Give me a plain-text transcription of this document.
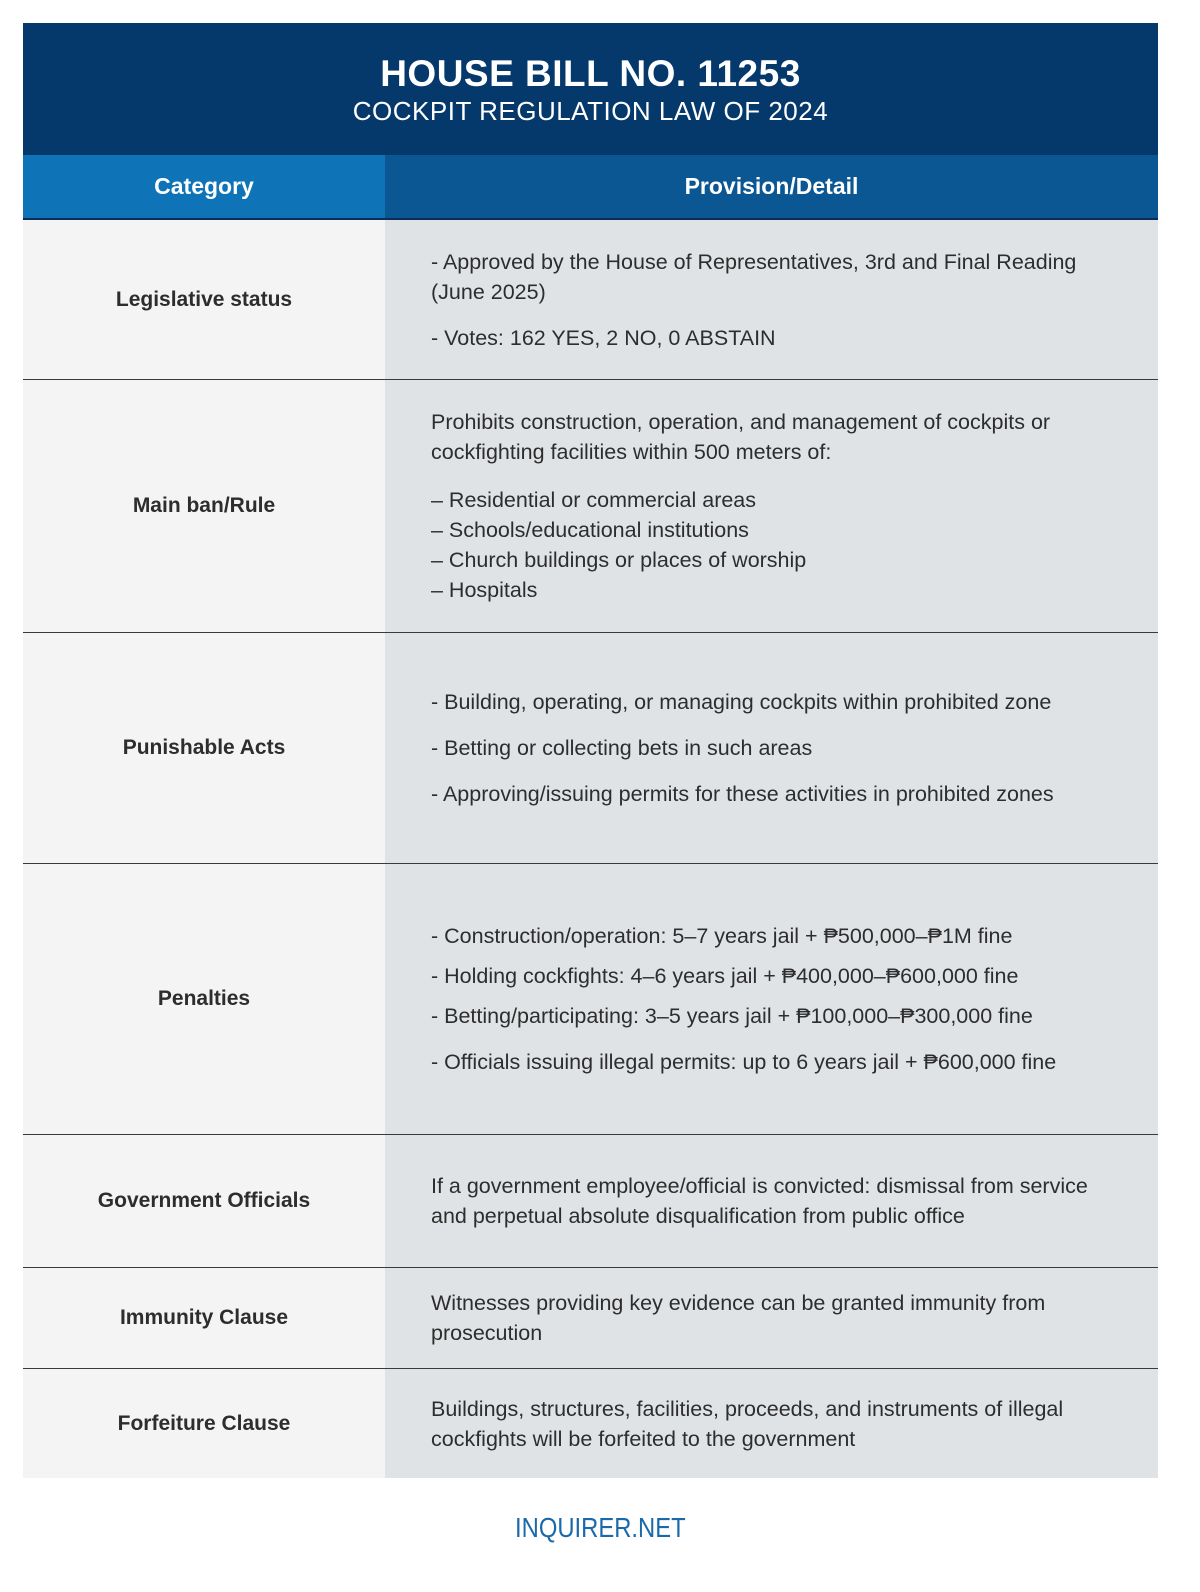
HOUSE BILL NO. 11253
COCKPIT REGULATION LAW OF 2024
Category	Provision/Detail
Legislative status

- Approved by the House of Representatives, 3rd and Final Reading (June 2025)

- Votes: 162 YES, 2 NO, 0 ABSTAIN

Main ban/Rule

Prohibits construction, operation, and management of cockpits or cockfighting facilities within 500 meters of:

– Residential or commercial areas
– Schools/educational institutions
– Church buildings or places of worship
– Hospitals
Punishable Acts

- Building, operating, or managing cockpits within prohibited zone

- Betting or collecting bets in such areas

- Approving/issuing permits for these activities in prohibited zones

Penalties

- Construction/operation: 5–7 years jail + ₱500,000–₱1M fine

- Holding cockfights: 4–6 years jail + ₱400,000–₱600,000 fine

- Betting/participating: 3–5 years jail + ₱100,000–₱300,000 fine

- Officials issuing illegal permits: up to 6 years jail + ₱600,000 fine

Government Officials

If a government employee/official is convicted: dismissal from service and perpetual absolute disqualification from public office

Immunity Clause

Witnesses providing key evidence can be granted immunity from prosecution

Forfeiture Clause

Buildings, structures, facilities, proceeds, and instruments of illegal cockfights will be forfeited to the government

INQUIRER.NET
